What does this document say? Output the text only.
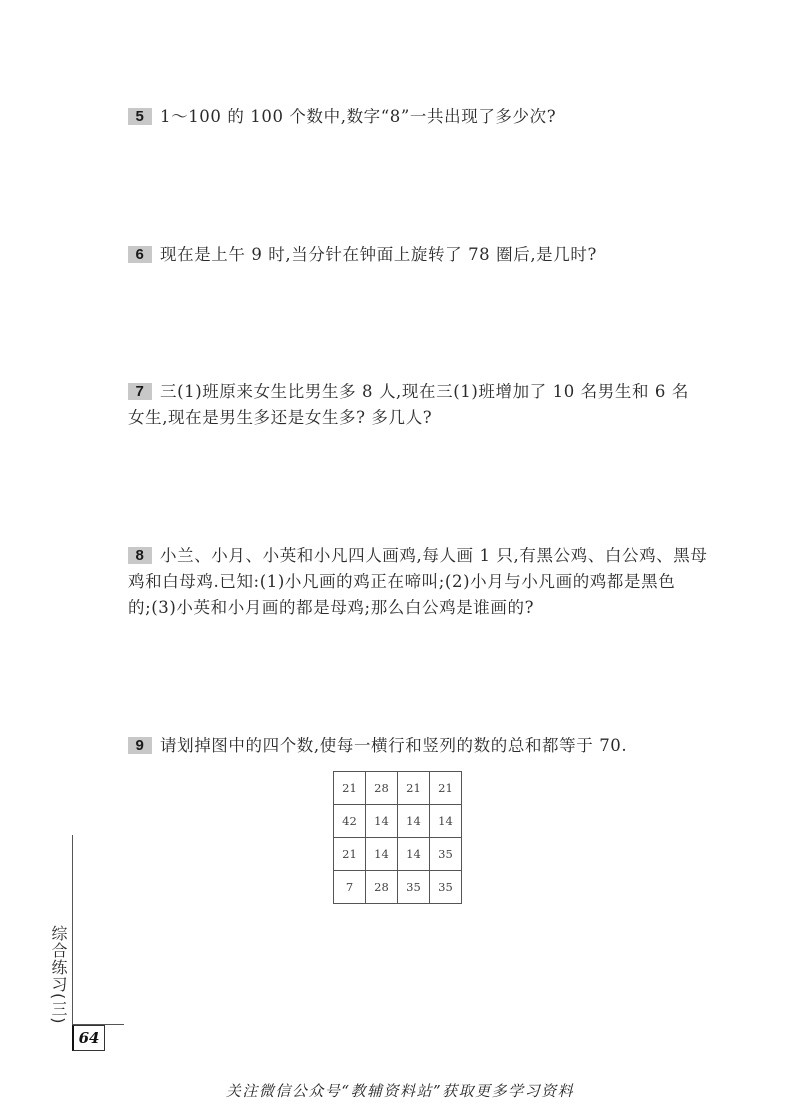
5 1～100 的 100 个数中,数字“8”一共出现了多少次?
6 现在是上午 9 时,当分针在钟面上旋转了 78 圈后,是几时?
7 三(1)班原来女生比男生多 8 人,现在三(1)班增加了 10 名男生和 6 名
女生,现在是男生多还是女生多? 多几人?
8 小兰、小月、小英和小凡四人画鸡,每人画 1 只,有黑公鸡、白公鸡、黑母
鸡和白母鸡.已知:(1)小凡画的鸡正在啼叫;(2)小月与小凡画的鸡都是黑色
的;(3)小英和小月画的都是母鸡;那么白公鸡是谁画的?
9 请划掉图中的四个数,使每一横行和竖列的数的总和都等于 70.
21	28	21	21
42	14	14	14
21	14	14	35
7	28	35	35
综合练习(三)
64
关注微信公众号“教辅资料站”获取更多学习资料
